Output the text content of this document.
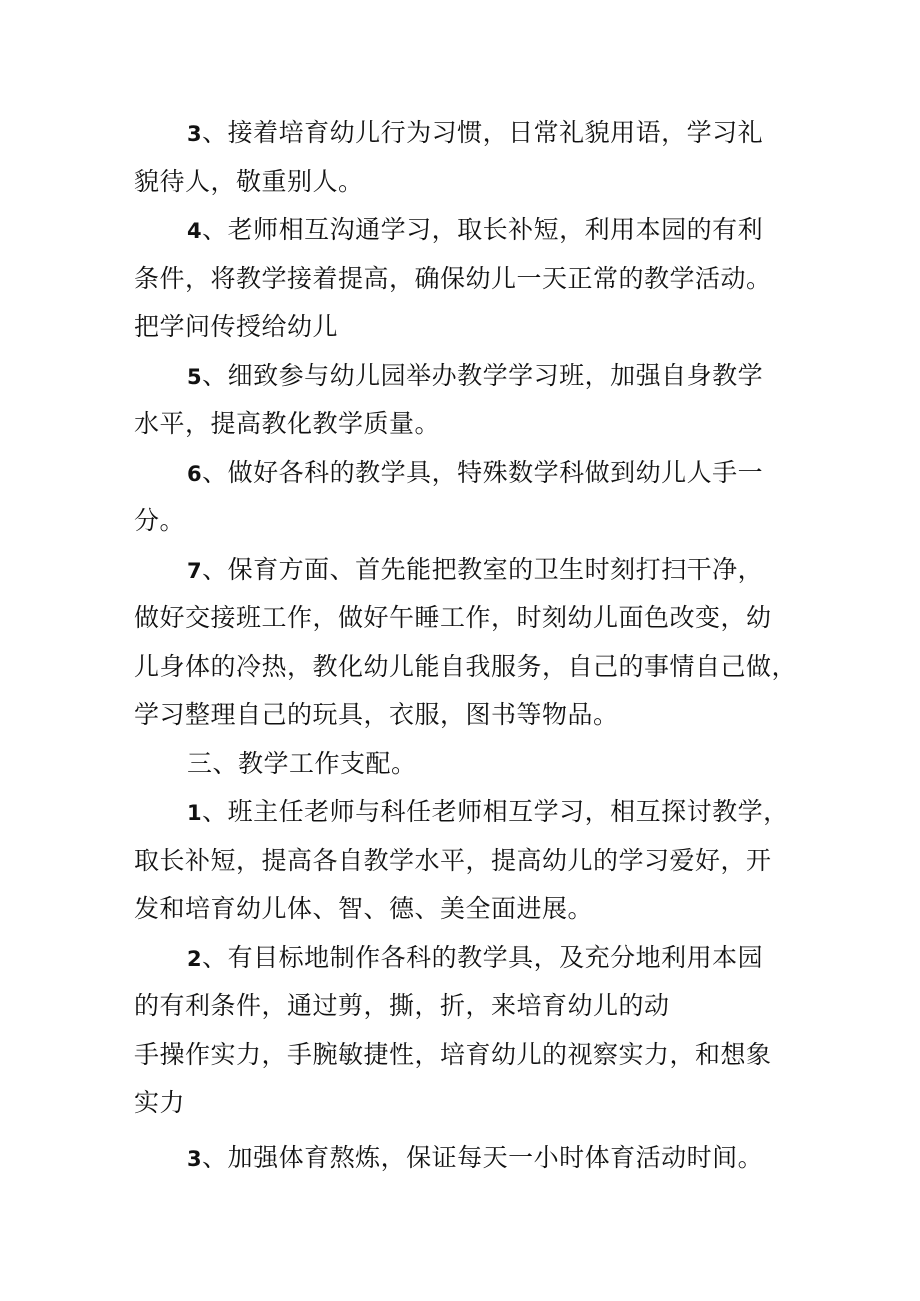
3、接着培育幼儿行为习惯，日常礼貌用语，学习礼
貌待人，敬重别人。
4、老师相互沟通学习，取长补短，利用本园的有利
条件，将教学接着提高，确保幼儿一天正常的教学活动。
把学问传授给幼儿
5、细致参与幼儿园举办教学学习班，加强自身教学
水平，提高教化教学质量。
6、做好各科的教学具，特殊数学科做到幼儿人手一
分。
7、保育方面、首先能把教室的卫生时刻打扫干净，
做好交接班工作，做好午睡工作，时刻幼儿面色改变，幼
儿身体的冷热，教化幼儿能自我服务，自己的事情自己做，
学习整理自己的玩具，衣服，图书等物品。
三、教学工作支配。
1、班主任老师与科任老师相互学习，相互探讨教学，
取长补短，提高各自教学水平，提高幼儿的学习爱好，开
发和培育幼儿体、智、德、美全面进展。
2、有目标地制作各科的教学具，及充分地利用本园
的有利条件，通过剪，撕，折，来培育幼儿的动
手操作实力，手腕敏捷性，培育幼儿的视察实力，和想象
实力
3、加强体育熬炼，保证每天一小时体育活动时间。
